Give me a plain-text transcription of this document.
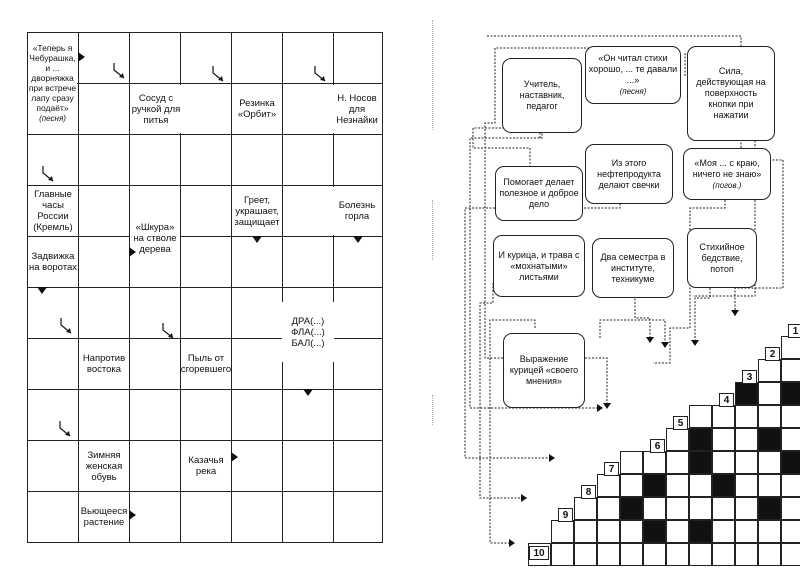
«Теперь я Чебурашка, и ... дворняжка при встрече лапу сразу подаёт»
(песня)
Сосуд с ручкой для питья
Резинка «Орбит»
Н. Носов для Незнайки
Главные часы России (Кремль)
Греет, украшает, защищает
Болезнь горла
Задвижка на воротах
«Шкура» на стволе дерева
ДРА(...)
ФЛА(...)
БАЛ(...)
Напротив востока
Пыль от сгоревшего
Зимняя женская обувь
Казачья река
Вьющееся растение
Учитель, наставник, педагог
«Он читал стихи хорошо, ... те давали ...»
(песня)
Сила, действующая на поверхность кнопки при нажатии
Помогает делает полезное и доброе дело
Из этого нефтепродукта делают свечки
«Моя ... с краю, ничего не знаю»
(погов.)
И курица, и трава с «мохнатыми» листьями
Два семестра в институте, техникуме
Стихийное бедствие, потоп
Выражение курицей «своего мнения»
1
2
3
4
5
6
7
8
9
10
